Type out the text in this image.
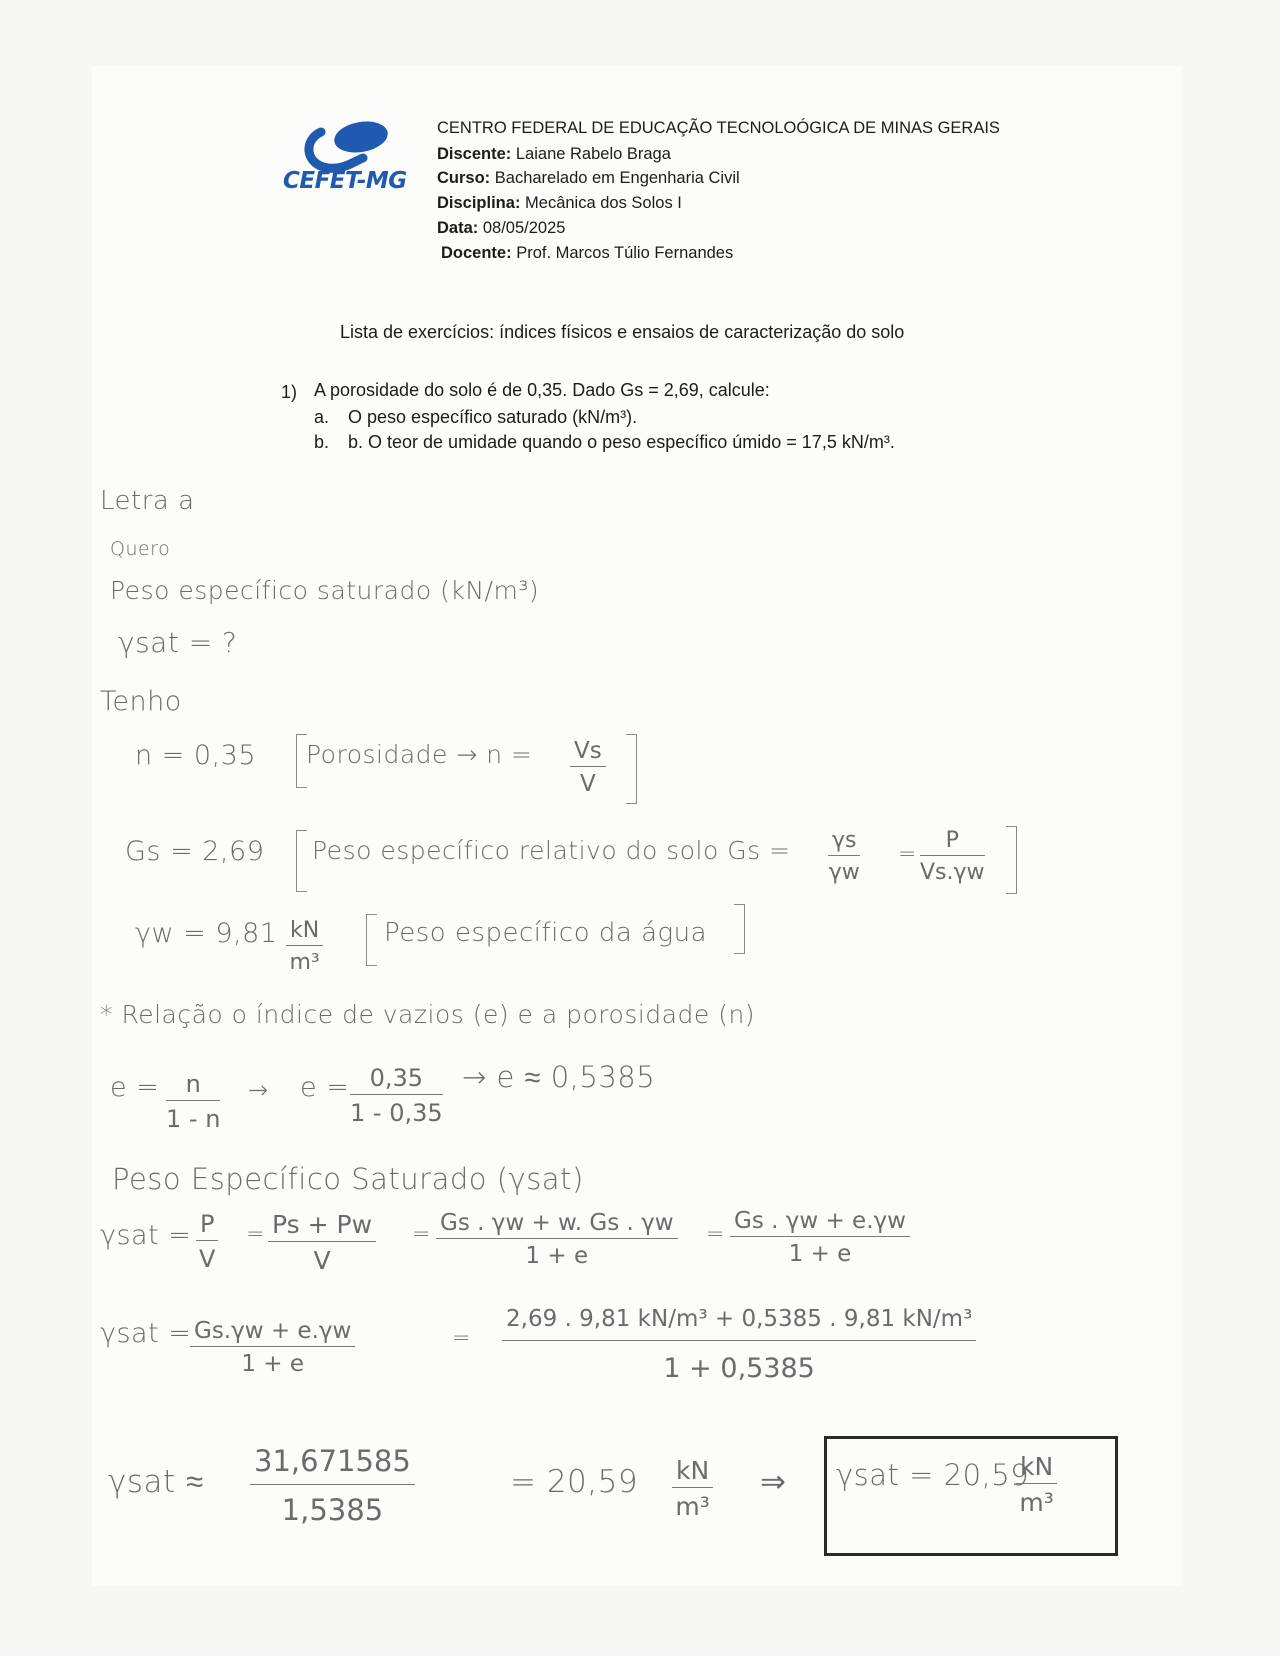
CEFET-MG
CENTRO FEDERAL DE EDUCAÇÃO TECNOLOÓGICA DE MINAS GERAIS
Discente: Laiane Rabelo Braga
Curso: Bacharelado em Engenharia Civil
Disciplina: Mecânica dos Solos I
Data: 08/05/2025
Docente: Prof. Marcos Túlio Fernandes
Lista de exercícios: índices físicos e ensaios de caracterização do solo
1) A porosidade do solo é de 0,35. Dado Gs = 2,69, calcule:
a. O peso específico saturado (kN/m³).
b. b. O teor de umidade quando o peso específico úmido = 17,5 kN/m³.
Letra a
Quero
Peso específico saturado (kN/m³)
γsat = ?
Tenho
n = 0,35 Porosidade → $n = \frac{Vs}{V}$
Gs = 2,69 Peso específico relativo do solo $Gs = \frac{\gamma s}{\gamma w} = \frac{P}{Vs.\gamma w}$
$\gamma w = 9,81 \frac{kN}{\text{m³}}$ Peso específico da água
* Relação o índice de vazios (e) e a porosidade (n)
$e = \frac{n}{1 - n} \to e = \frac{0,35}{1 - 0,35} \to e \approx 0,5385$
Peso Específico Saturado (γsat)
$\gamma sat = \frac{P}{V} = \frac{Ps + Pw}{V} = \frac{Gs . \gamma w + w. Gs . \gamma w}{1 + e} = \frac{Gs . \gamma w + e.\gamma w}{1 + e}$
γsat =
$\frac{Gs.\gamma w + e.\gamma w}{1 + e}$	= $\frac{\text{2,69 . 9,81 kN/m³ + 0,5385 . 9,81 kN/m³}}{1 + 0,5385}$
$\gamma sat \approx \frac{31,671585}{1,5385}$	= $20,59 \frac{kN}{\text{m³}}$ ⇒ γsat = 20,59
$\frac{kN}{\text{m³}}$
